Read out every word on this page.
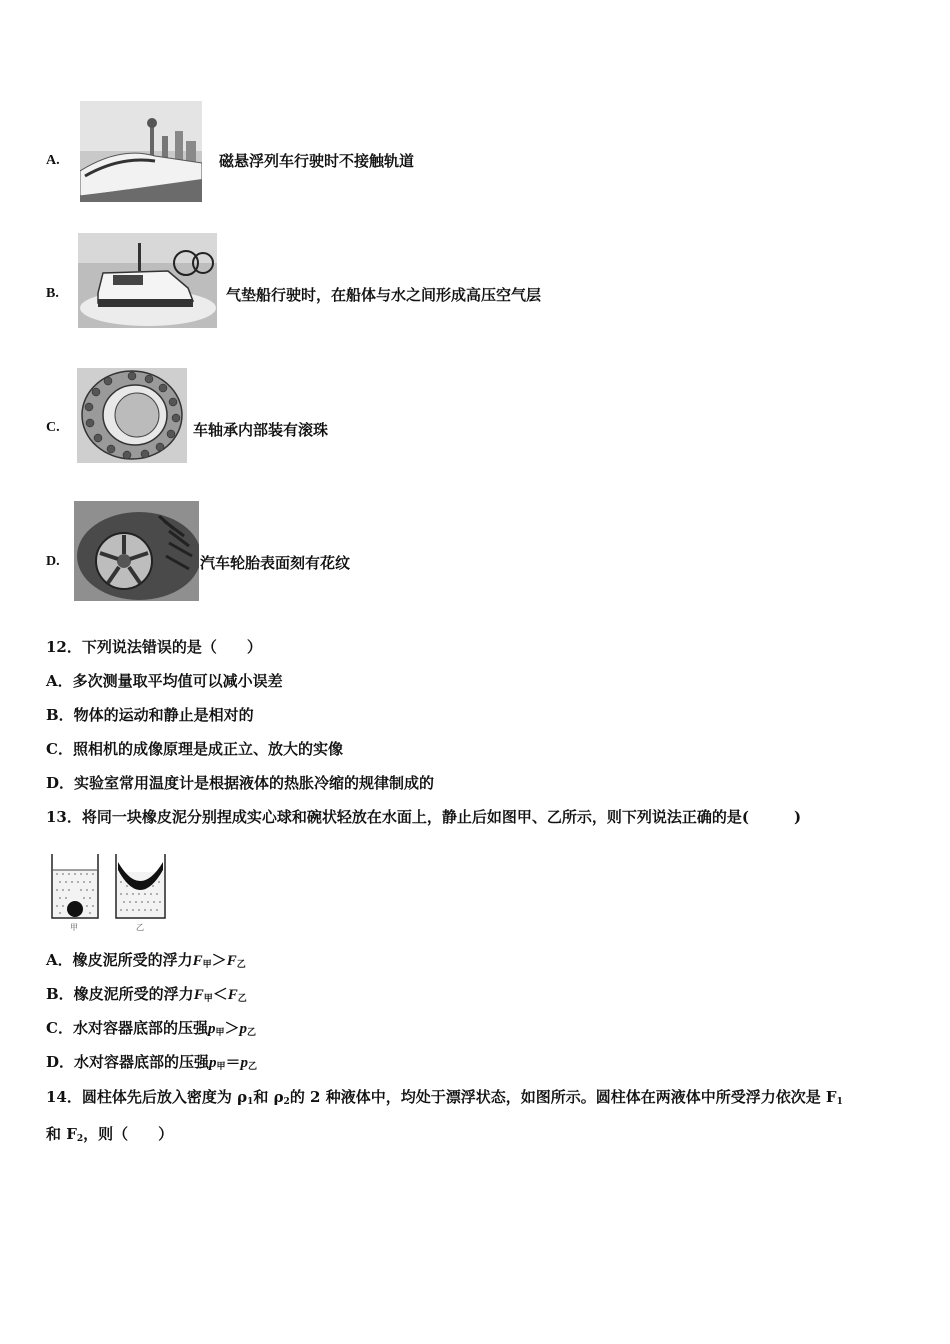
A.	磁悬浮列车行驶时不接触轨道
B.	气垫船行驶时，在船体与水之间形成高压空气层
C.	车轴承内部装有滚珠
D.	汽车轮胎表面刻有花纹
12．下列说法错误的是（　　）
A．多次测量取平均值可以减小误差
B．物体的运动和静止是相对的
C．照相机的成像原理是成正立、放大的实像
D．实验室常用温度计是根据液体的热胀冷缩的规律制成的
13．将同一块橡皮泥分别捏成实心球和碗状轻放在水面上，静止后如图甲、乙所示，则下列说法正确的是(　　　)
甲	乙
A．橡皮泥所受的浮力$F_甲>F_乙$
B．橡皮泥所受的浮力$F_甲<F_乙$
C．水对容器底部的压强$p_甲>p_乙$
D．水对容器底部的压强$p_甲=p_乙$
14．圆柱体先后放入密度为 $\rho_1$和 $\rho_2$的 2 种液体中，均处于漂浮状态，如图所示。圆柱体在两液体中所受浮力依次是 $F_1$
和 $F_2$，则（　　）
